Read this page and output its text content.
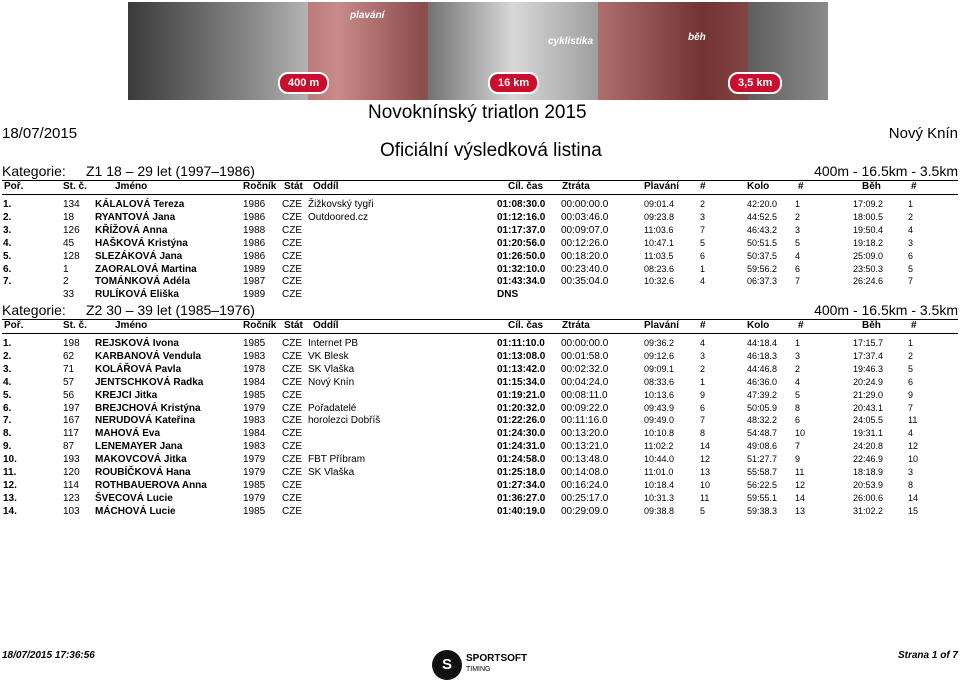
plavání
cyklistika	běh
400 m	16 km	3,5 km
Novoknínský triatlon 2015
Oficiální výsledková listina
18/07/2015	Nový Knín
Kategorie: Z1 18 – 29 let (1997–1986)	400m - 16.5km - 3.5km
Poř.	St. č.	Jméno	Ročník Stát Oddíl	Cíl. čas Ztráta	Plavání #	Kolo	#	Běh	#
1.	134 KÁLALOVÁ Tereza	1986 CZE Žižkovský tygři	01:08:30.0 00:00:00.0	09:01.4	2	42:20.0 1	17:09.2	1
2.	18 RYANTOVÁ Jana	1986 CZE Outdoored.cz	01:12:16.0 00:03:46.0	09:23.8	3	44:52.5 2	18:00.5	2
3.	126 KŘÍŽOVÁ Anna	1988 CZE	01:17:37.0 00:09:07.0	11:03.6	7	46:43.2 3	19:50.4	4
4.	45 HAŠKOVÁ Kristýna	1986 CZE	01:20:56.0 00:12:26.0	10:47.1	5	50:51.5 5	19:18.2	3
5.	128 SLEZÁKOVÁ Jana	1986 CZE	01:26:50.0 00:18:20.0	11:03.5	6	50:37.5 4	25:09.0	6
6.	1	ZAORALOVÁ Martina	1989 CZE	01:32:10.0 00:23:40.0	08:23.6	1	59:56.2 6	23:50.3	5
7.	2	TOMÁNKOVÁ Adéla	1987 CZE	01:43:34.0 00:35:04.0	10:32.6	4	06:37.3 7	26:24.6	7
33 RULÍKOVÁ Eliška	1989 CZE	DNS
Kategorie: Z2 30 – 39 let (1985–1976)	400m - 16.5km - 3.5km
Poř.	St. č.	Jméno	Ročník Stát Oddíl	Cíl. čas Ztráta	Plavání #	Kolo	#	Běh	#
1.	198 REJSKOVÁ Ivona	1985 CZE Internet PB	01:11:10.0 00:00:00.0	09:36.2	4	44:18.4 1	17:15.7	1
2.	62 KARBANOVÁ Vendula	1983 CZE VK Blesk	01:13:08.0 00:01:58.0	09:12.6	3	46:18.3 3	17:37.4	2
3.	71 KOLÁŘOVÁ Pavla	1978 CZE SK Vlaška	01:13:42.0 00:02:32.0	09:09.1	2	44:46.8 2	19:46.3	5
4.	57 JENTSCHKOVÁ Radka	1984 CZE Nový Knín	01:15:34.0 00:04:24.0	08:33.6	1	46:36.0 4	20:24.9	6
5.	56 KREJCI Jitka	1985 CZE	01:19:21.0 00:08:11.0	10:13.6	9	47:39.2 5	21:29.0	9
6.	197 BREJCHOVÁ Kristýna	1979 CZE Pořadatelé	01:20:32.0 00:09:22.0	09:43.9	6	50:05.9 8	20:43.1	7
7.	167 NERUDOVÁ Kateřina	1983 CZE horolezci Dobříš	01:22:26.0 00:11:16.0	09:49.0	7	48:32.2 6	24:05.5	11
8.	117 MAHOVÁ Eva	1984 CZE	01:24:30.0 00:13:20.0	10:10.8	8	54:48.7 10	19:31.1	4
9.	87 LENEMAYER Jana	1983 CZE	01:24:31.0 00:13:21.0	11:02.2	14	49:08.6 7	24:20.8	12
10.	193 MAKOVCOVÁ Jitka	1979 CZE FBT Příbram	01:24:58.0 00:13:48.0	10:44.0	12	51:27.7 9	22:46.9	10
11.	120 ROUBÍČKOVÁ Hana	1979 CZE SK Vlaška	01:25:18.0 00:14:08.0	11:01.0	13	55:58.7 11	18:18.9	3
12.	114 ROTHBAUEROVA Anna	1985 CZE	01:27:34.0 00:16:24.0	10:18.4	10	56:22.5 12	20:53.9	8
13.	123 ŠVECOVÁ Lucie	1979 CZE	01:36:27.0 00:25:17.0	10:31.3	11	59:55.1 14	26:00.6	14
14.	103 MÁCHOVÁ Lucie	1985 CZE	01:40:19.0 00:29:09.0	09:38.8	5	59:38.3 13	31:02.2	15
18/07/2015 17:36:56
S	SPORTSOFT
TIMING
Strana 1 of 7
